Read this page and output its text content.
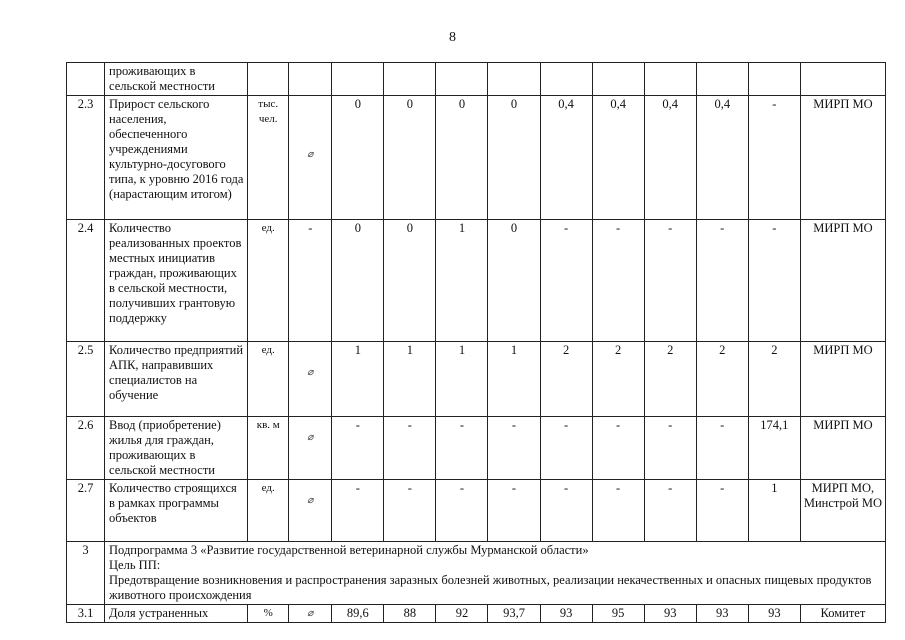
8
	проживающих в сельской местности												
2.3	Прирост сельского населения, обеспеченного учреждениями культурно-досугового типа, к уровню 2016 года (нарастающим итогом)	тыс. чел.	⌀	0	0	0	0	0,4	0,4	0,4	0,4	-	МИРП МО
2.4	Количество реализованных проектов местных инициатив граждан, проживающих в сельской местности, получивших грантовую поддержку	ед.	-	0	0	1	0	-	-	-	-	-	МИРП МО
2.5	Количество предприятий АПК, направивших специалистов на обучение	ед.	⌀	1	1	1	1	2	2	2	2	2	МИРП МО
2.6	Ввод (приобретение) жилья для граждан, проживающих в сельской местности	кв. м	⌀	-	-	-	-	-	-	-	-	174,1	МИРП МО
2.7	Количество строящихся в рамках программы объектов	ед.	⌀	-	-	-	-	-	-	-	-	1	МИРП МО, Минстрой МО
3	Подпрограмма 3 «Развитие государственной ветеринарной службы Мурманской области»
Цель ПП:
Предотвращение возникновения и распространения заразных болезней животных, реализации некачественных и опасных пищевых продуктов животного происхождения												

3.1	Доля устраненных	%	⌀	89,6	88	92	93,7	93	95	93	93	93	Комитет
